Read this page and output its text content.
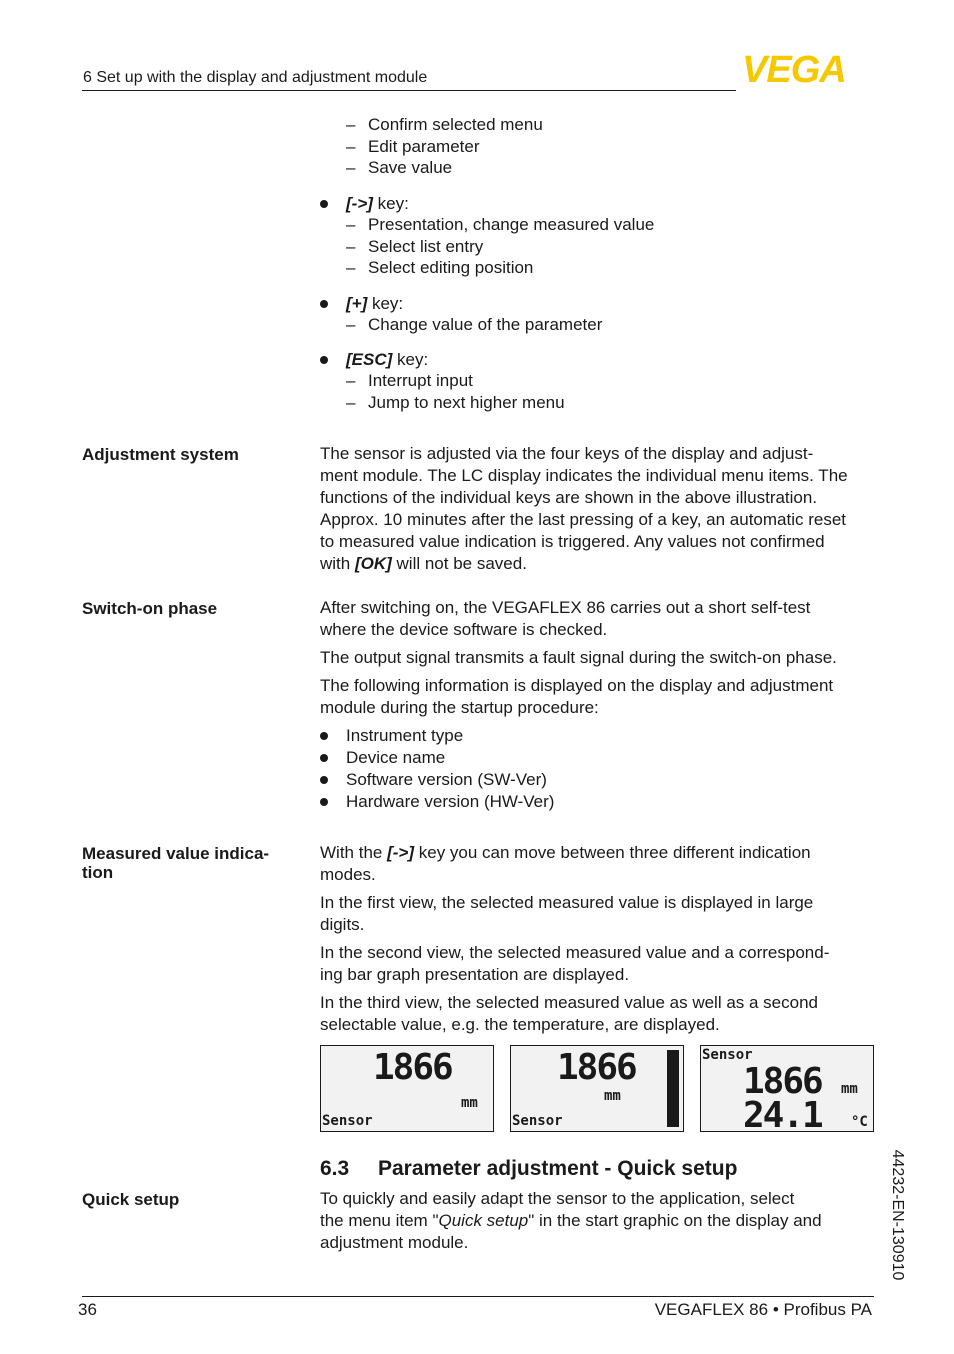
6 Set up with the display and adjustment module	VEGA
– Confirm selected menu
– Edit parameter
– Save value
[->] key:
– Presentation, change measured value
– Select list entry
– Select editing position
[+] key:
– Change value of the parameter
[ESC] key:
– Interrupt input
– Jump to next higher menu
Adjustment system	The sensor is adjusted via the four keys of the display and adjust-
ment module. The LC display indicates the individual menu items. The
functions of the individual keys are shown in the above illustration.
Approx. 10 minutes after the last pressing of a key, an automatic reset
to measured value indication is triggered. Any values not confirmed
with [OK] will not be saved.
Switch-on phase	After switching on, the VEGAFLEX 86 carries out a short self-test
where the device software is checked.

The output signal transmits a fault signal during the switch-on phase.

The following information is displayed on the display and adjustment
module during the startup procedure:

Instrument type
Device name
Software version (SW-Ver)
Hardware version (HW-Ver)
Measured value indica-
tion

With the [->] key you can move between three different indication
modes.

In the first view, the selected measured value is displayed in large
digits.

In the second view, the selected measured value and a correspond-
ing bar graph presentation are displayed.

In the third view, the selected measured value as well as a second
selectable value, e.g. the temperature, are displayed.

1866
mm
Sensor
1866
mm
Sensor
Sensor
1866 mm
24.1 °C
6.3 Parameter adjustment - Quick setup
Quick setup	To quickly and easily adapt the sensor to the application, select
the menu item "Quick setup" in the start graphic on the display and
adjustment module.	44232-EN-130910
36	VEGAFLEX 86 • Profibus PA
